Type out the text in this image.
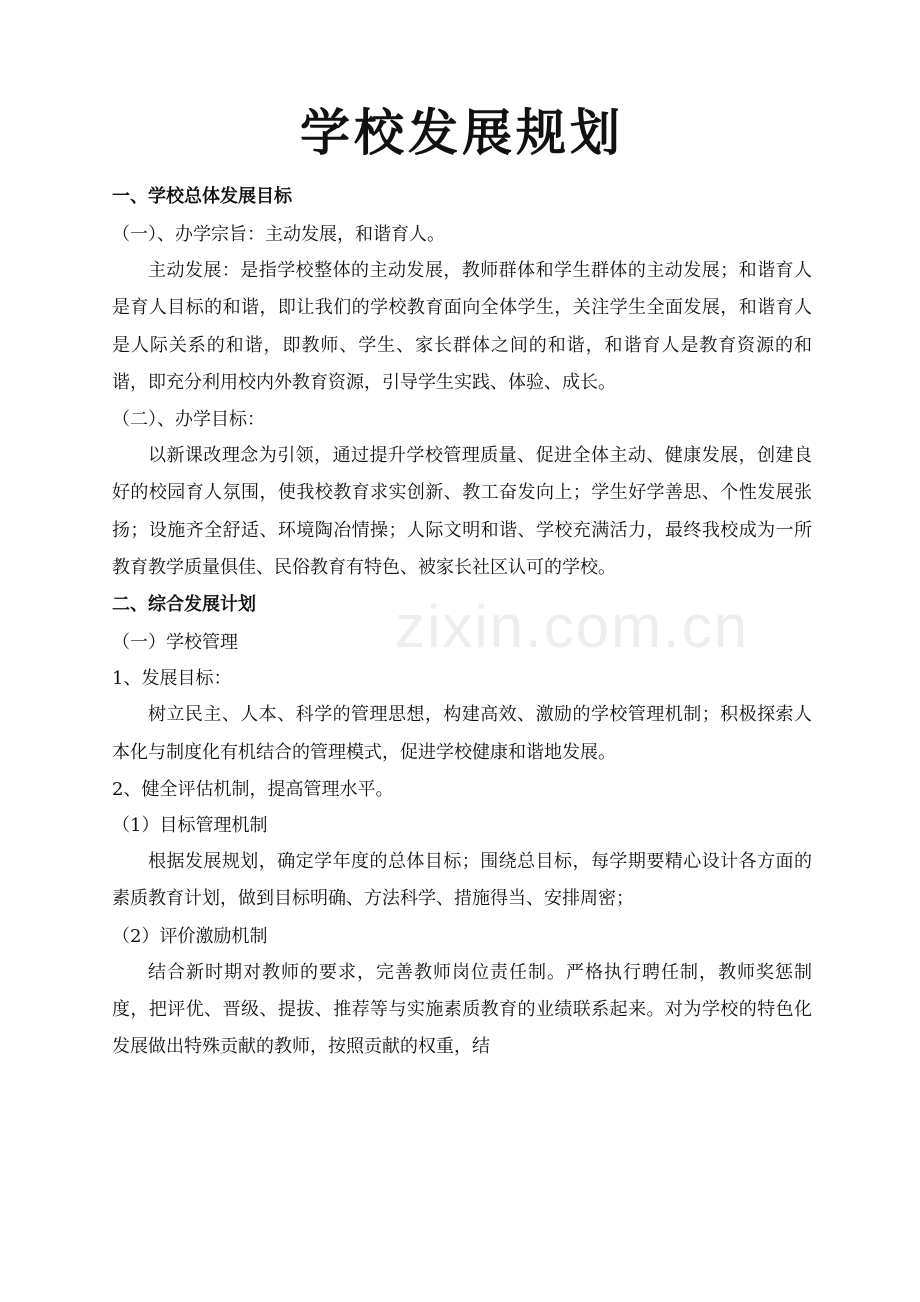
zixin.com.cn
学校发展规划
一、学校总体发展目标
（一）、办学宗旨：主动发展，和谐育人。
主动发展：是指学校整体的主动发展，教师群体和学生群体的主动发展；和谐育人是育人目标的和谐，即让我们的学校教育面向全体学生，关注学生全面发展，和谐育人是人际关系的和谐，即教师、学生、家长群体之间的和谐，和谐育人是教育资源的和谐，即充分利用校内外教育资源，引导学生实践、体验、成长。
（二）、办学目标：
以新课改理念为引领，通过提升学校管理质量、促进全体主动、健康发展，创建良好的校园育人氛围，使我校教育求实创新、教工奋发向上；学生好学善思、个性发展张扬；设施齐全舒适、环境陶冶情操；人际文明和谐、学校充满活力，最终我校成为一所教育教学质量俱佳、民俗教育有特色、被家长社区认可的学校。
二、综合发展计划
（一）学校管理
1、发展目标：
树立民主、人本、科学的管理思想，构建高效、激励的学校管理机制；积极探索人本化与制度化有机结合的管理模式，促进学校健康和谐地发展。
2、健全评估机制，提高管理水平。
（1）目标管理机制
根据发展规划，确定学年度的总体目标；围绕总目标，每学期要精心设计各方面的素质教育计划，做到目标明确、方法科学、措施得当、安排周密；
（2）评价激励机制
结合新时期对教师的要求，完善教师岗位责任制。严格执行聘任制，教师奖惩制度，把评优、晋级、提拔、推荐等与实施素质教育的业绩联系起来。对为学校的特色化发展做出特殊贡献的教师，按照贡献的权重，结
